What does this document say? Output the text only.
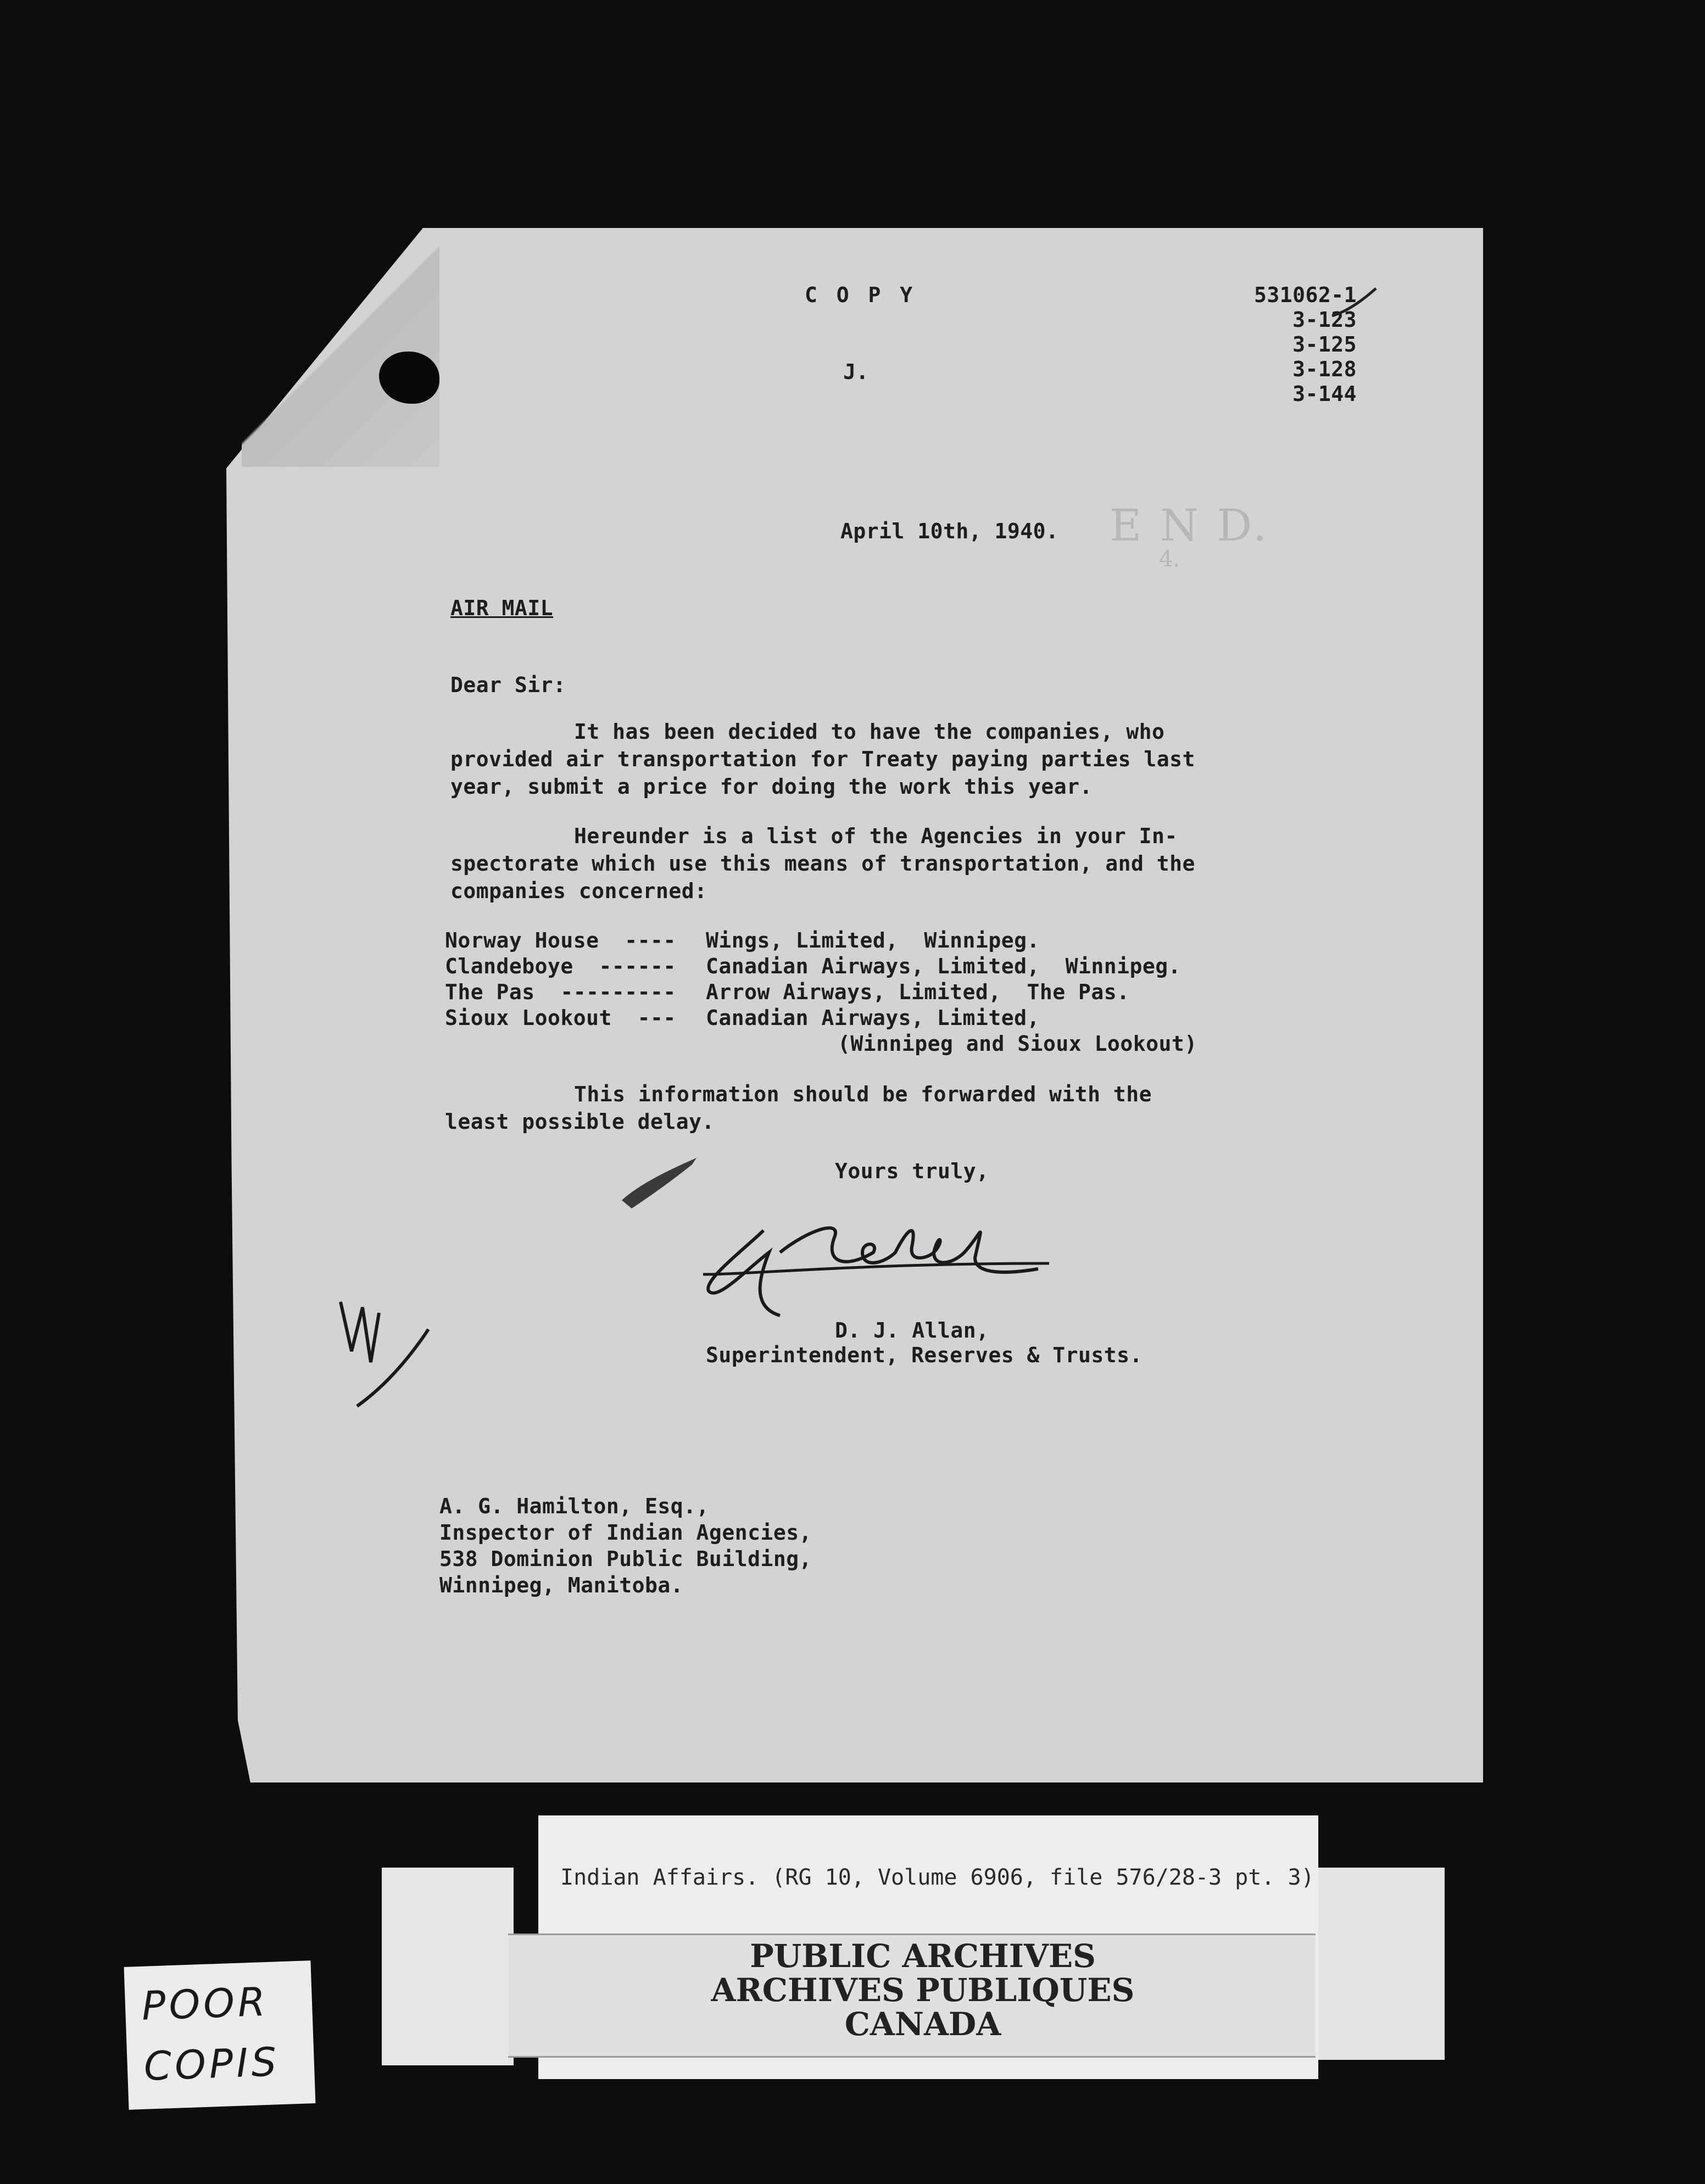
C O P Y
J.
531062-1
3-123
3-125
3-128
3-144
E N D.
4.
April 10th, 1940.
AIR MAIL
Dear Sir:
It has been decided to have the companies, who
provided air transportation for Treaty paying parties last
year, submit a price for doing the work this year.
Hereunder is a list of the Agencies in your In-
spectorate which use this means of transportation, and the
companies concerned:
Norway House  ---- Wings, Limited,  Winnipeg.
Clandeboye  ------ Canadian Airways, Limited,  Winnipeg.
The Pas  --------- Arrow Airways, Limited,  The Pas.
Sioux Lookout  --- Canadian Airways, Limited,
(Winnipeg and Sioux Lookout)
This information should be forwarded with the
least possible delay.
Yours truly,
D. J. Allan,
Superintendent, Reserves & Trusts.
A. G. Hamilton, Esq.,
Inspector of Indian Agencies,
538 Dominion Public Building,
Winnipeg, Manitoba.
Indian Affairs. (RG 10, Volume 6906, file 576/28-3 pt. 3)
PUBLIC ARCHIVES
ARCHIVES PUBLIQUES
CANADA
POOR
COPIS
